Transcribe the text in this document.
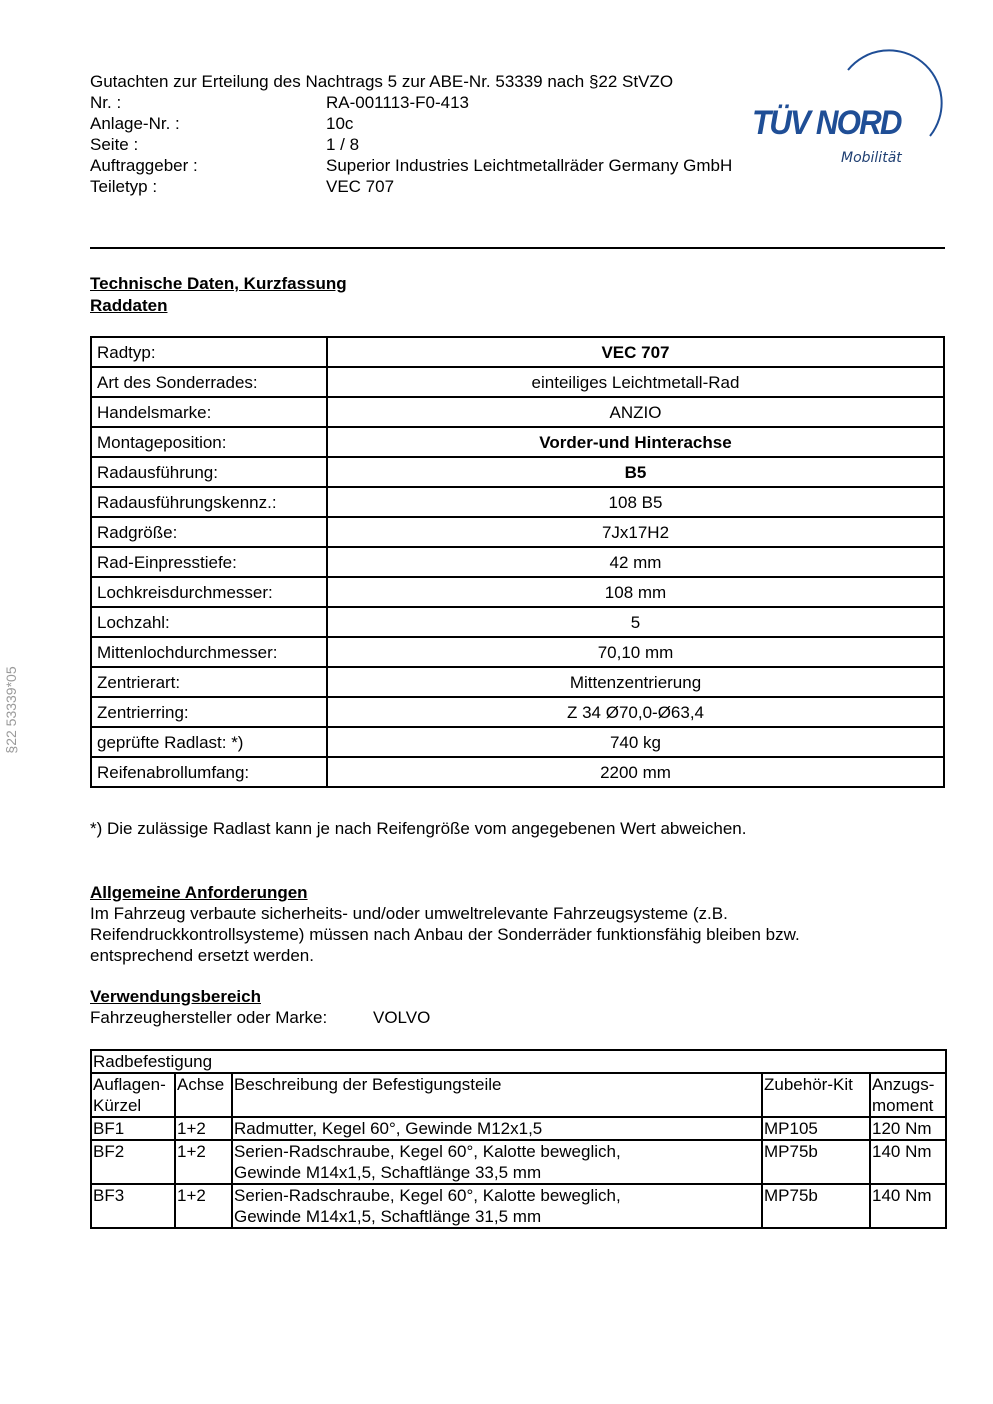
Gutachten zur Erteilung des Nachtrags 5 zur ABE-Nr. 53339 nach §22 StVZO
Nr. :	RA-001113-F0-413
Anlage-Nr. :	10c
Seite :	1 / 8
Auftraggeber :	Superior Industries Leichtmetallräder Germany GmbH
Teiletyp :	VEC 707
TÜV NORD
Mobilität
§22 53339*05
Technische Daten, Kurzfassung
Raddaten
Radtyp:	VEC 707
Art des Sonderrades:	einteiliges Leichtmetall-Rad
Handelsmarke:	ANZIO
Montageposition:	Vorder-und Hinterachse
Radausführung:	B5
Radausführungskennz.:	108 B5
Radgröße:	7Jx17H2
Rad-Einpresstiefe:	42 mm
Lochkreisdurchmesser:	108 mm
Lochzahl:	5
Mittenlochdurchmesser:	70,10 mm
Zentrierart:	Mittenzentrierung
Zentrierring:	Z 34 Ø70,0-Ø63,4
geprüfte Radlast: *)	740 kg
Reifenabrollumfang:	2200 mm
*) Die zulässige Radlast kann je nach Reifengröße vom angegebenen Wert abweichen.
Allgemeine Anforderungen
Im Fahrzeug verbaute sicherheits- und/oder umweltrelevante Fahrzeugsysteme (z.B.
Reifendruckkontrollsysteme) müssen nach Anbau der Sonderräder funktionsfähig bleiben bzw.
entsprechend ersetzt werden.
Verwendungsbereich
Fahrzeughersteller oder Marke:	VOLVO
Radbefestigung				
Auflagen-
Kürzel	Achse	Beschreibung der Befestigungsteile	Zubehör-Kit	Anzugs-
moment
BF1	1+2	Radmutter, Kegel 60°, Gewinde M12x1,5	MP105	120 Nm
BF2	1+2	Serien-Radschraube, Kegel 60°, Kalotte beweglich,
Gewinde M14x1,5, Schaftlänge 33,5 mm	MP75b	140 Nm
BF3	1+2	Serien-Radschraube, Kegel 60°, Kalotte beweglich,
Gewinde M14x1,5, Schaftlänge 31,5 mm	MP75b	140 Nm
